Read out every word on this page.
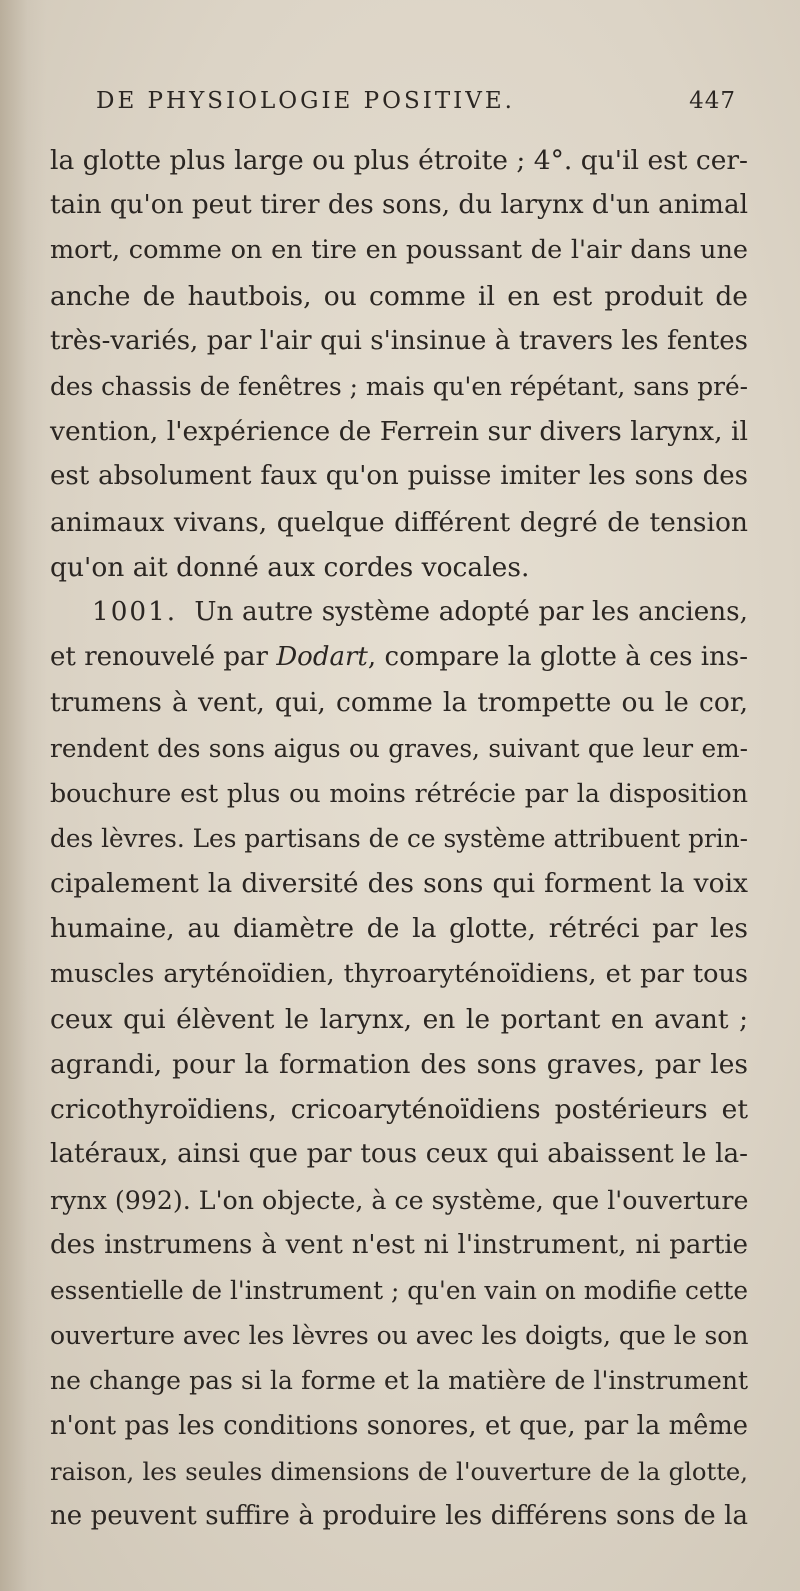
DE PHYSIOLOGIE POSITIVE.	447

la glotte plus large ou plus étroite ; 4°. qu'il est cer-
tain qu'on peut tirer des sons, du larynx d'un animal
mort, comme on en tire en poussant de l'air dans une
anche de hautbois, ou comme il en est produit de
très-variés, par l'air qui s'insinue à travers les fentes
des chassis de fenêtres ; mais qu'en répétant, sans pré-
vention, l'expérience de Ferrein sur divers larynx, il
est absolument faux qu'on puisse imiter les sons des
animaux vivans, quelque différent degré de tension
qu'on ait donné aux cordes vocales.
1001. Un autre système adopté par les anciens,
et renouvelé par Dodart, compare la glotte à ces ins-
trumens à vent, qui, comme la trompette ou le cor,
rendent des sons aigus ou graves, suivant que leur em-
bouchure est plus ou moins rétrécie par la disposition
des lèvres. Les partisans de ce système attribuent prin-
cipalement la diversité des sons qui forment la voix
humaine, au diamètre de la glotte, rétréci par les
muscles aryténoïdien, thyroaryténoïdiens, et par tous
ceux qui élèvent le larynx, en le portant en avant ;
agrandi, pour la formation des sons graves, par les
cricothyroïdiens, cricoaryténoïdiens postérieurs et
latéraux, ainsi que par tous ceux qui abaissent le la-
rynx (992). L'on objecte, à ce système, que l'ouverture
des instrumens à vent n'est ni l'instrument, ni partie
essentielle de l'instrument ; qu'en vain on modifie cette
ouverture avec les lèvres ou avec les doigts, que le son
ne change pas si la forme et la matière de l'instrument
n'ont pas les conditions sonores, et que, par la même
raison, les seules dimensions de l'ouverture de la glotte,
ne peuvent suffire à produire les différens sons de la
